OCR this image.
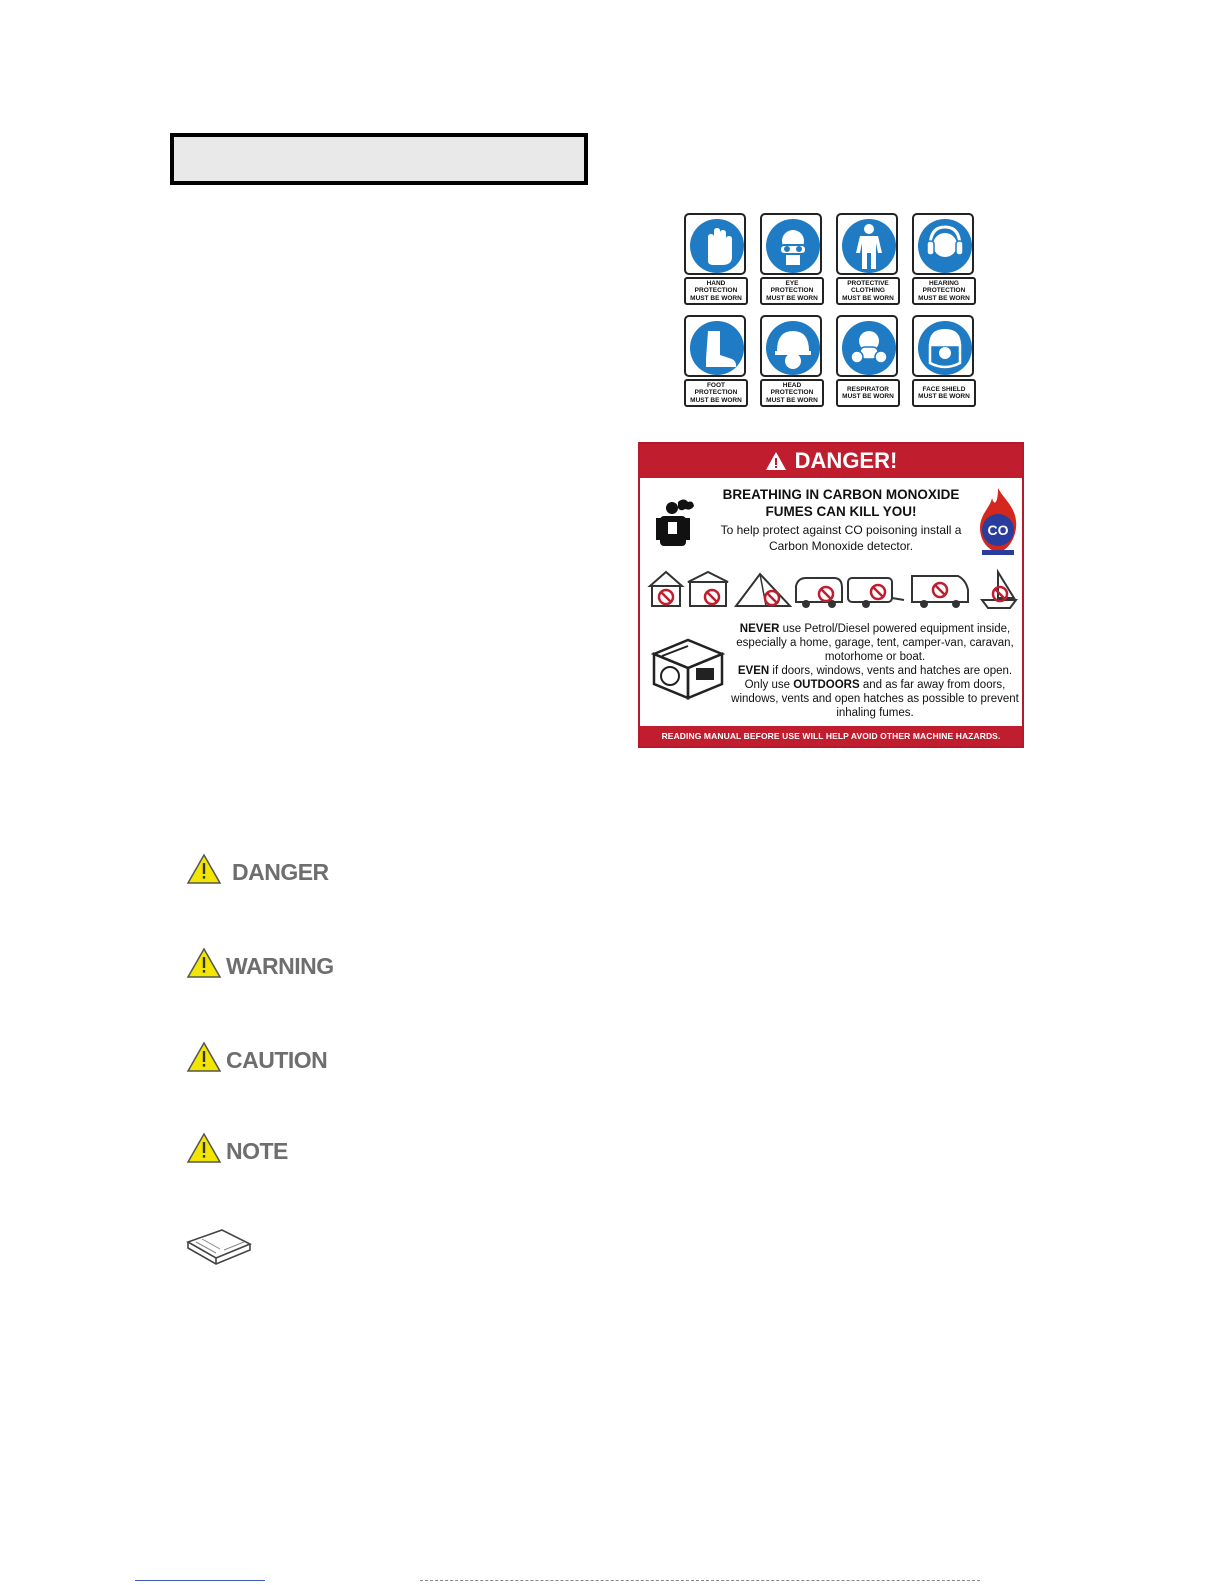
HAND
PROTECTION
MUST BE WORN
EYE
PROTECTION
MUST BE WORN
PROTECTIVE
CLOTHING
MUST BE WORN
HEARING
PROTECTION
MUST BE WORN
FOOT
PROTECTION
MUST BE WORN
HEAD
PROTECTION
MUST BE WORN
RESPIRATOR
MUST BE WORN
FACE SHIELD
MUST BE WORN
DANGER!
BREATHING IN CARBON MONOXIDE FUMES CAN KILL YOU!
To help protect against CO poisoning install a Carbon Monoxide detector.
CO
NEVER use Petrol/Diesel powered equipment inside, especially a home, garage, tent, camper-van, caravan, motorhome or boat.
EVEN if doors, windows, vents and hatches are open. Only use OUTDOORS and as far away from doors, windows, vents and open hatches as possible to prevent inhaling fumes.
READING MANUAL BEFORE USE WILL HELP AVOID OTHER MACHINE HAZARDS.
DANGER
WARNING
CAUTION
NOTE
